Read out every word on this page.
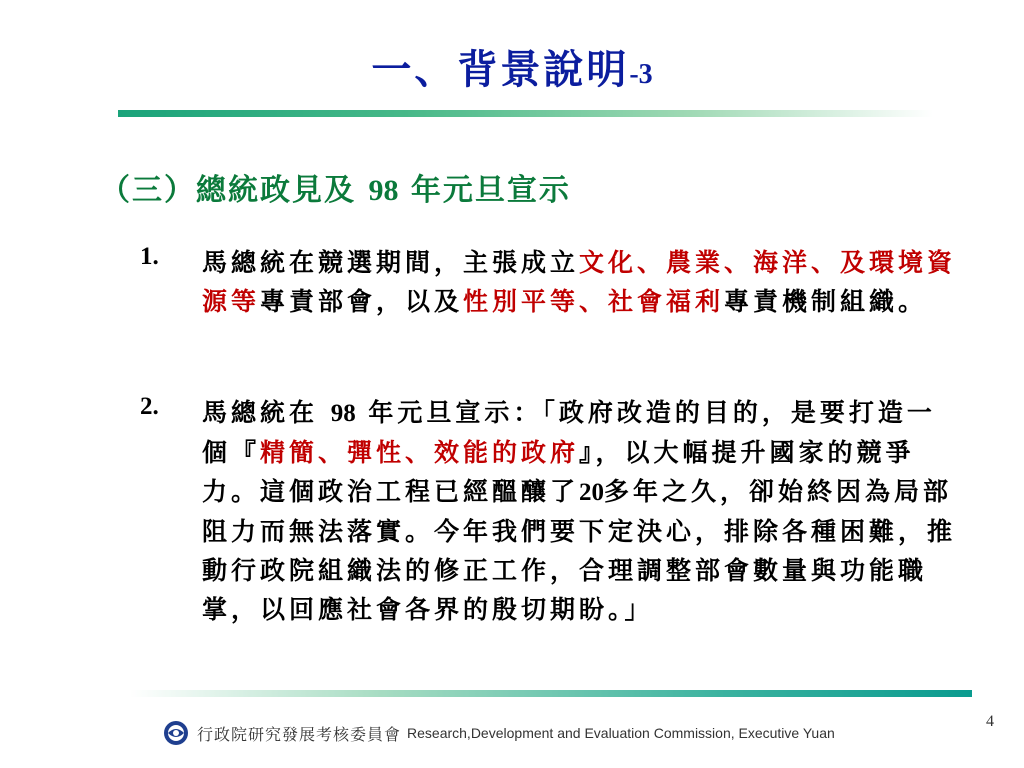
一、背景說明-3
（三）總統政見及 98 年元旦宣示
1.	馬總統在競選期間，主張成立文化、農業、海洋、及環境資源等專責部會，以及性別平等、社會福利專責機制組織。
2.	馬總統在 98 年元旦宣示：「政府改造的目的，是要打造一個『精簡、彈性、效能的政府』，以大幅提升國家的競爭力。這個政治工程已經醞釀了20多年之久，卻始終因為局部阻力而無法落實。今年我們要下定決心，排除各種困難，推動行政院組織法的修正工作，合理調整部會數量與功能職掌，以回應社會各界的殷切期盼。」
行政院研究發展考核委員會 Research,Development and Evaluation Commission, Executive Yuan
4
